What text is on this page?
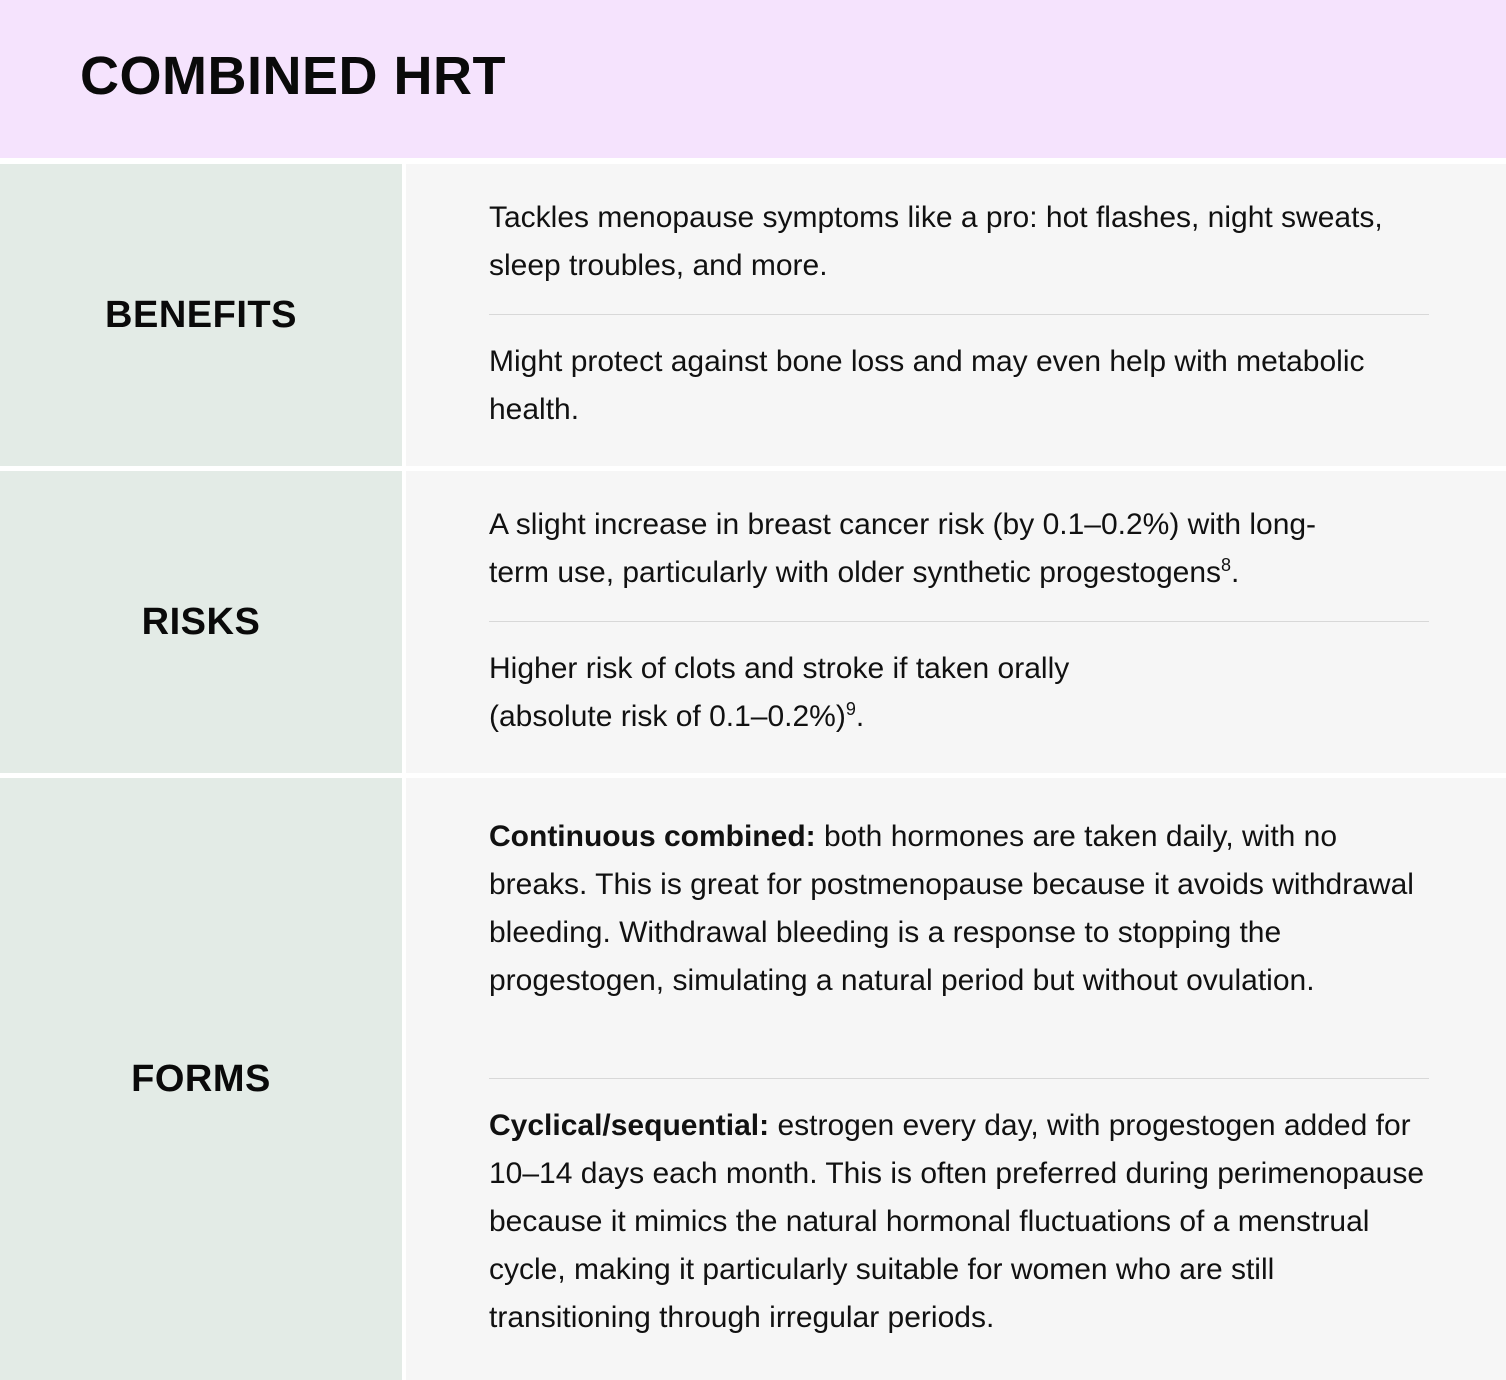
COMBINED HRT
BENEFITS
Tackles menopause symptoms like a pro: hot flashes, night sweats, sleep troubles, and more.
Might protect against bone loss and may even help with metabolic health.
RISKS
A slight increase in breast cancer risk (by 0.1–0.2%) with long-
term use, particularly with older synthetic progestogens$^8$.
Higher risk of clots and stroke if taken orally
(absolute risk of 0.1–0.2%)$^9$.
FORMS
Continuous combined: both hormones are taken daily, with no breaks. This is great for postmenopause because it avoids withdrawal bleeding. Withdrawal bleeding is a response to stopping the progestogen, simulating a natural period but without ovulation.
Cyclical/sequential: estrogen every day, with progestogen added for 10–14 days each month. This is often preferred during perimenopause because it mimics the natural hormonal fluctuations of a menstrual cycle, making it particularly suitable for women who are still transitioning through irregular periods.
